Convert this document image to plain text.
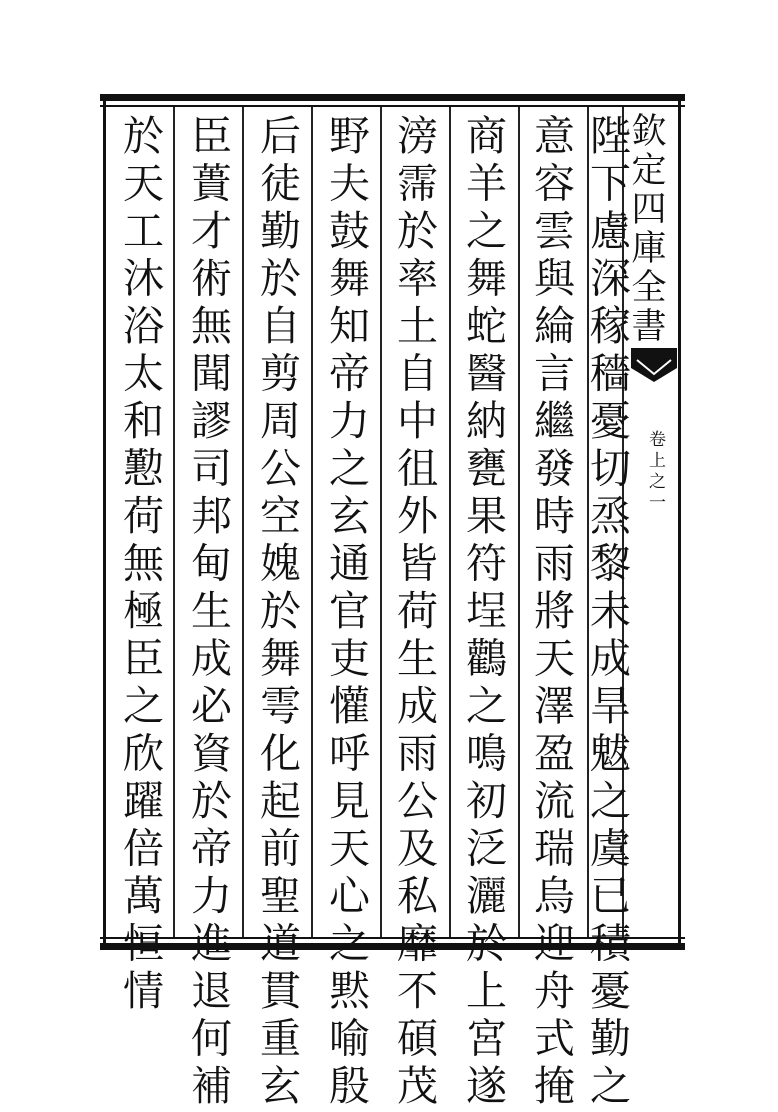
欽定四庫全書
卷上之一
陛下慮深稼穡憂切烝黎未成旱魃之虞已積憂勤之
意容雲與綸言繼發時雨將天澤盈流瑞烏迎舟式掩
商羊之舞蛇醫納甕果符埕鸛之鳴初泛灑於上宮遂
滂霈於率土自中徂外皆荷生成雨公及私靡不碩茂
野夫鼓舞知帝力之玄通官吏懽呼見天心之黙喻殷
后徒勤於自剪周公空媿於舞雩化起前聖道貫重玄
臣蕢才術無聞謬司邦甸生成必資於帝力進退何補
於天工沐浴太和懃荷無極臣之欣躍倍萬恒情
